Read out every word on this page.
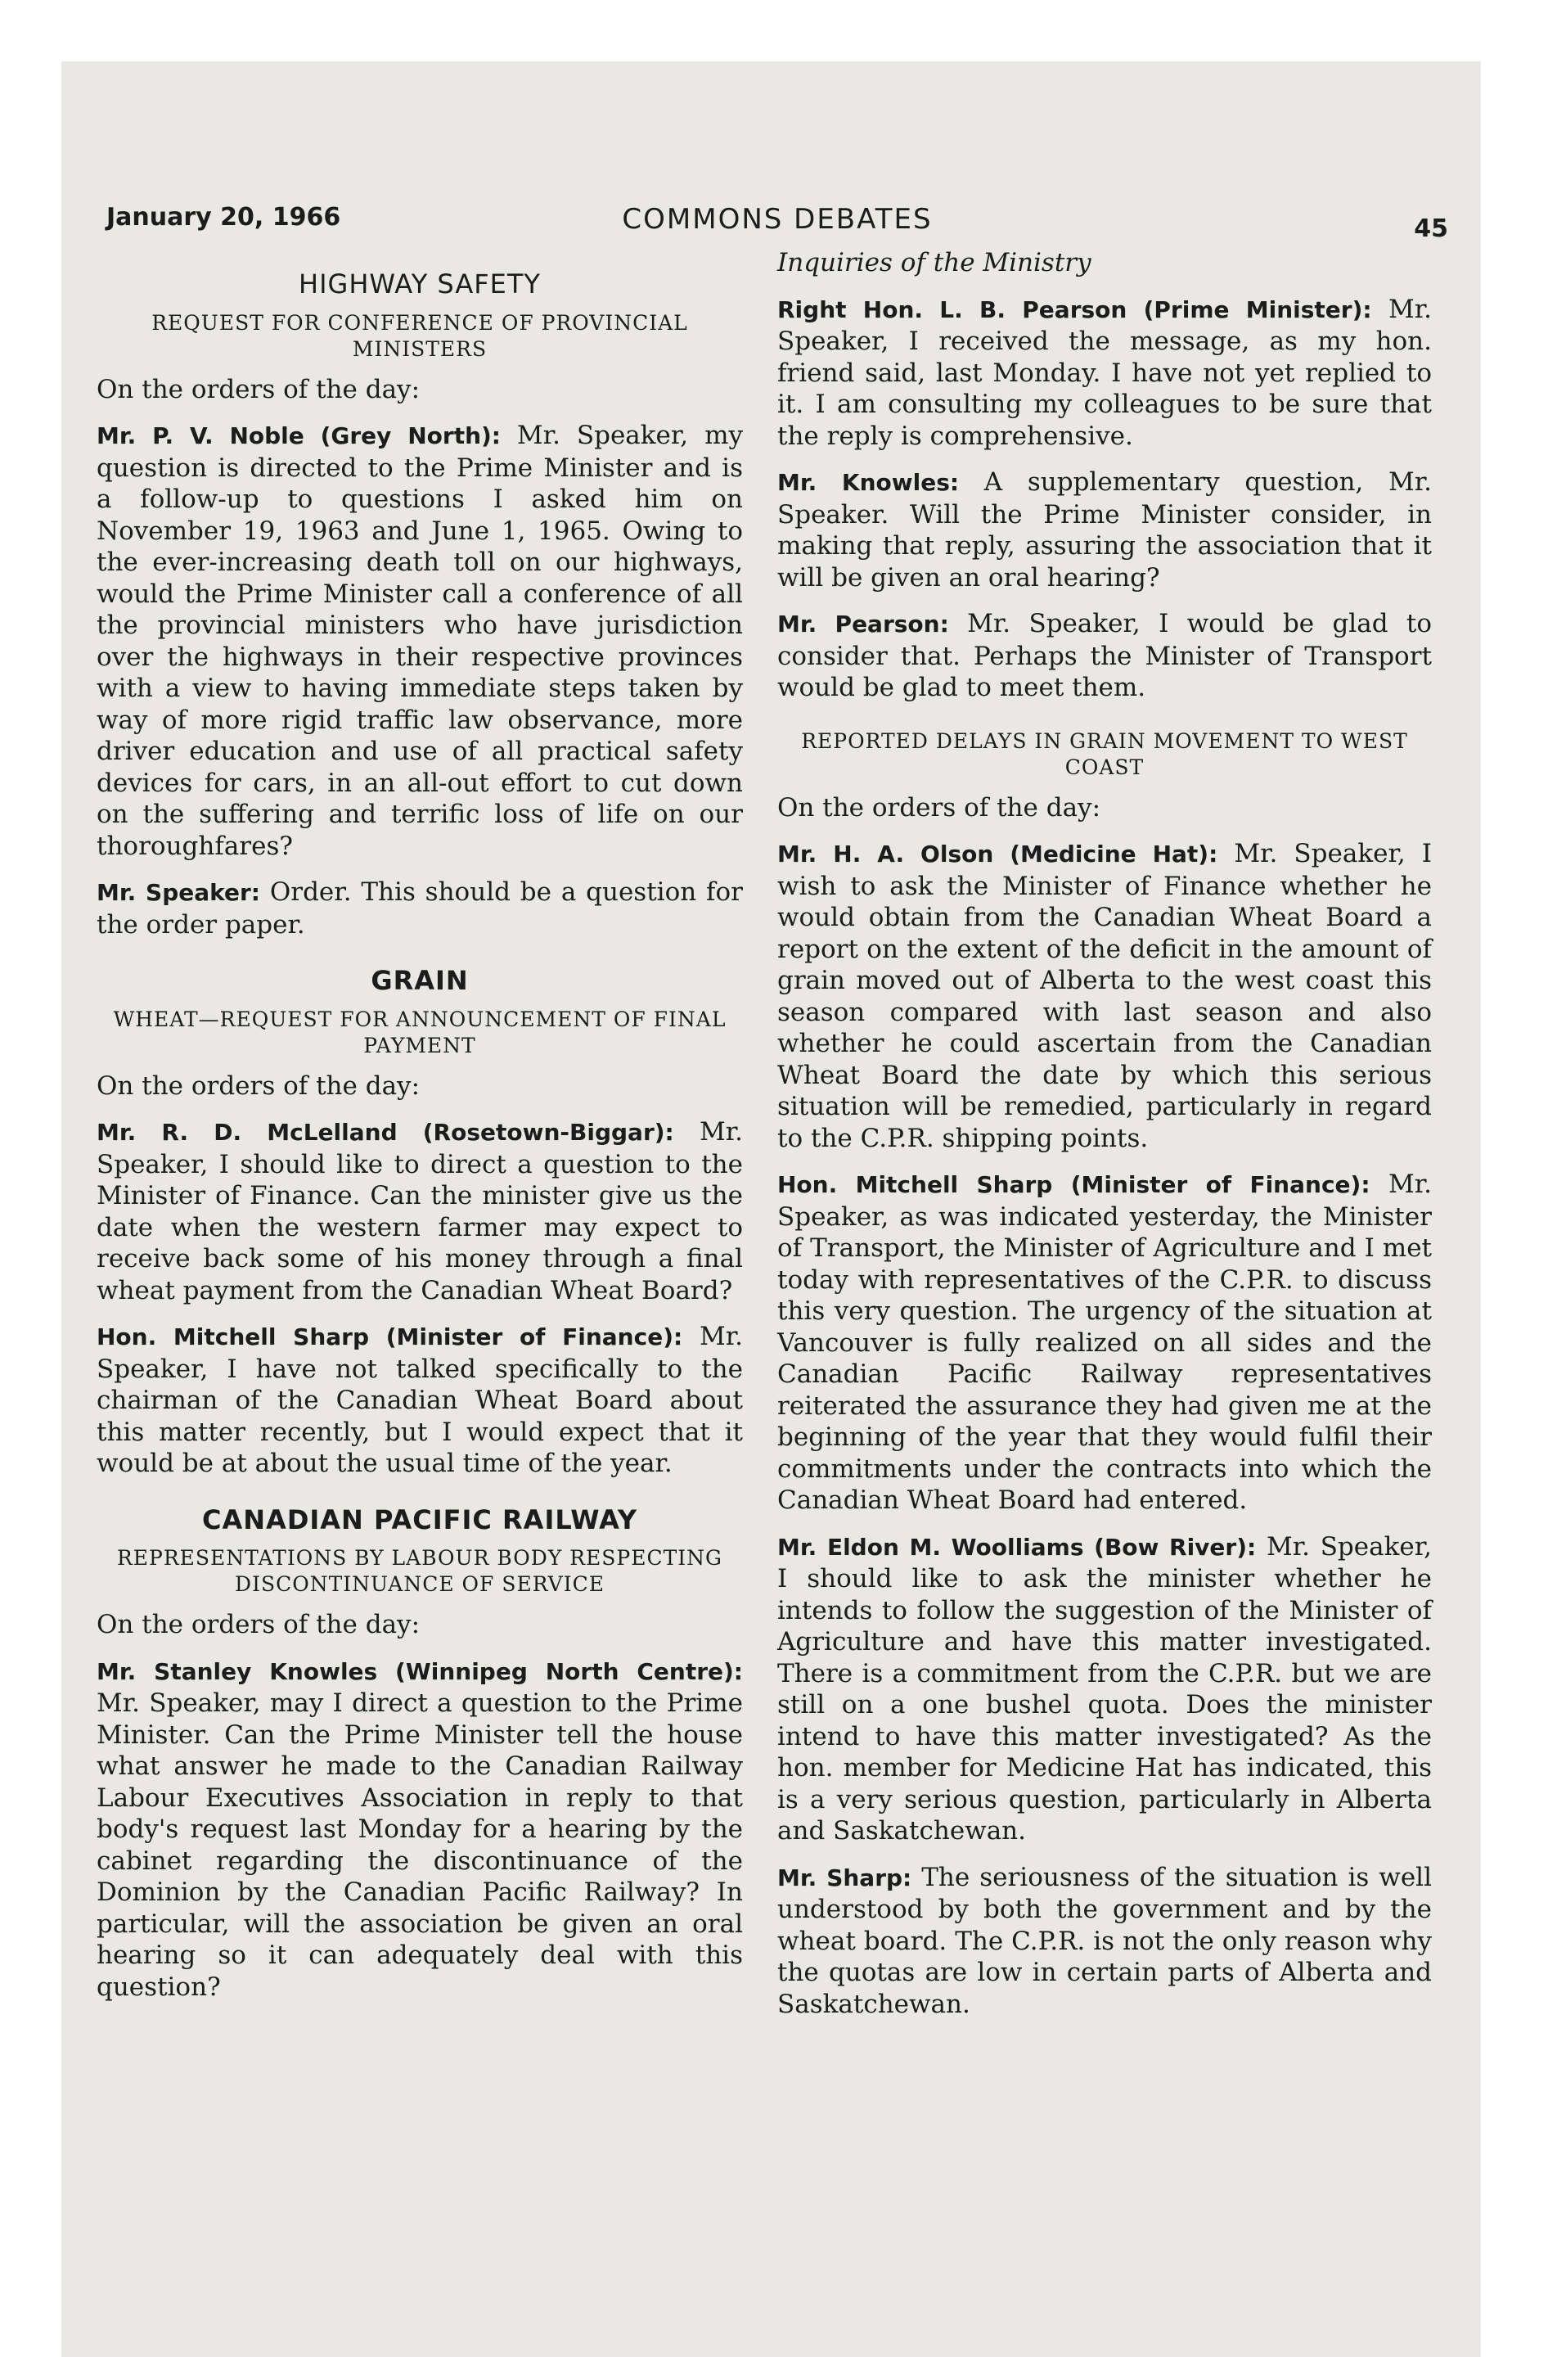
January 20, 1966	COMMONS DEBATES	45
HIGHWAY SAFETY
REQUEST FOR CONFERENCE OF PROVINCIAL MINISTERS

On the orders of the day:

Mr. P. V. Noble (Grey North): Mr. Speaker, my question is directed to the Prime Minister and is a follow-up to questions I asked him on November 19, 1963 and June 1, 1965. Owing to the ever-increasing death toll on our highways, would the Prime Minister call a conference of all the provincial ministers who have jurisdiction over the highways in their respective provinces with a view to having immediate steps taken by way of more rigid traffic law observance, more driver education and use of all practical safety devices for cars, in an all-out effort to cut down on the suffering and terrific loss of life on our thoroughfares?

Mr. Speaker: Order. This should be a question for the order paper.

GRAIN
WHEAT—REQUEST FOR ANNOUNCEMENT OF FINAL PAYMENT

On the orders of the day:

Mr. R. D. McLelland (Rosetown-Biggar): Mr. Speaker, I should like to direct a question to the Minister of Finance. Can the minister give us the date when the western farmer may expect to receive back some of his money through a final wheat payment from the Canadian Wheat Board?

Hon. Mitchell Sharp (Minister of Finance): Mr. Speaker, I have not talked specifically to the chairman of the Canadian Wheat Board about this matter recently, but I would expect that it would be at about the usual time of the year.

CANADIAN PACIFIC RAILWAY
REPRESENTATIONS BY LABOUR BODY RESPECTING DISCONTINUANCE OF SERVICE

On the orders of the day:

Mr. Stanley Knowles (Winnipeg North Centre): Mr. Speaker, may I direct a question to the Prime Minister. Can the Prime Minister tell the house what answer he made to the Canadian Railway Labour Executives Association in reply to that body's request last Monday for a hearing by the cabinet regarding the discontinuance of the Dominion by the Canadian Pacific Railway? In particular, will the association be given an oral hearing so it can adequately deal with this question?

Inquiries of the Ministry

Right Hon. L. B. Pearson (Prime Minister): Mr. Speaker, I received the message, as my hon. friend said, last Monday. I have not yet replied to it. I am consulting my colleagues to be sure that the reply is comprehensive.

Mr. Knowles: A supplementary question, Mr. Speaker. Will the Prime Minister consider, in making that reply, assuring the association that it will be given an oral hearing?

Mr. Pearson: Mr. Speaker, I would be glad to consider that. Perhaps the Minister of Transport would be glad to meet them.

REPORTED DELAYS IN GRAIN MOVEMENT TO WEST COAST

On the orders of the day:

Mr. H. A. Olson (Medicine Hat): Mr. Speaker, I wish to ask the Minister of Finance whether he would obtain from the Canadian Wheat Board a report on the extent of the deficit in the amount of grain moved out of Alberta to the west coast this season compared with last season and also whether he could ascertain from the Canadian Wheat Board the date by which this serious situation will be remedied, particularly in regard to the C.P.R. shipping points.

Hon. Mitchell Sharp (Minister of Finance): Mr. Speaker, as was indicated yesterday, the Minister of Transport, the Minister of Agriculture and I met today with representatives of the C.P.R. to discuss this very question. The urgency of the situation at Vancouver is fully realized on all sides and the Canadian Pacific Railway representatives reiterated the assurance they had given me at the beginning of the year that they would fulfil their commitments under the contracts into which the Canadian Wheat Board had entered.

Mr. Eldon M. Woolliams (Bow River): Mr. Speaker, I should like to ask the minister whether he intends to follow the suggestion of the Minister of Agriculture and have this matter investigated. There is a commitment from the C.P.R. but we are still on a one bushel quota. Does the minister intend to have this matter investigated? As the hon. member for Medicine Hat has indicated, this is a very serious question, particularly in Alberta and Saskatchewan.

Mr. Sharp: The seriousness of the situation is well understood by both the government and by the wheat board. The C.P.R. is not the only reason why the quotas are low in certain parts of Alberta and Saskatchewan.
